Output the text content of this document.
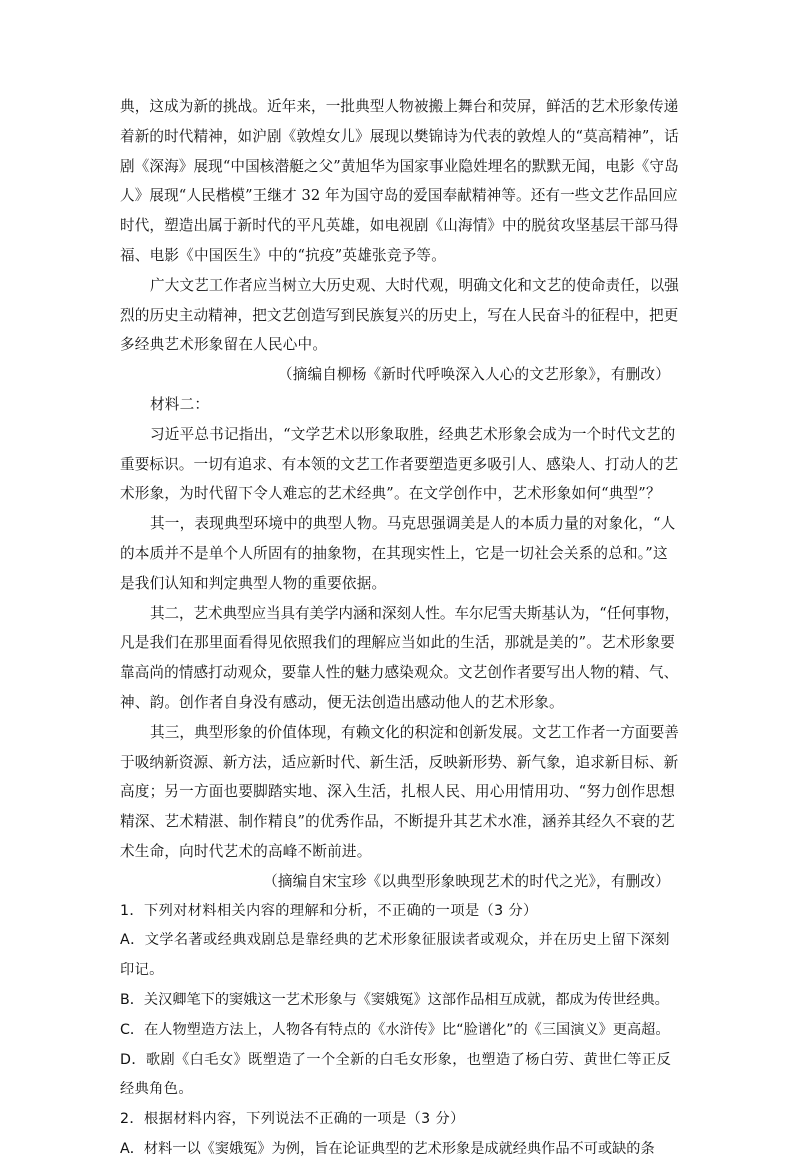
典，这成为新的挑战。近年来，一批典型人物被搬上舞台和荧屏，鲜活的艺术形象传递
着新的时代精神，如沪剧《敦煌女儿》展现以樊锦诗为代表的敦煌人的“莫高精神”，话
剧《深海》展现“中国核潜艇之父”黄旭华为国家事业隐姓埋名的默默无闻，电影《守岛
人》展现“人民楷模”王继才 32 年为国守岛的爱国奉献精神等。还有一些文艺作品回应
时代，塑造出属于新时代的平凡英雄，如电视剧《山海情》中的脱贫攻坚基层干部马得
福、电影《中国医生》中的“抗疫”英雄张竞予等。
广大文艺工作者应当树立大历史观、大时代观，明确文化和文艺的使命责任，以强
烈的历史主动精神，把文艺创造写到民族复兴的历史上，写在人民奋斗的征程中，把更
多经典艺术形象留在人民心中。
（摘编自柳杨《新时代呼唤深入人心的文艺形象》，有删改）
材料二：
习近平总书记指出，“文学艺术以形象取胜，经典艺术形象会成为一个时代文艺的
重要标识。一切有追求、有本领的文艺工作者要塑造更多吸引人、感染人、打动人的艺
术形象，为时代留下令人难忘的艺术经典”。在文学创作中，艺术形象如何“典型”？
其一，表现典型环境中的典型人物。马克思强调美是人的本质力量的对象化，“人
的本质并不是单个人所固有的抽象物，在其现实性上，它是一切社会关系的总和。”这
是我们认知和判定典型人物的重要依据。
其二，艺术典型应当具有美学内涵和深刻人性。车尔尼雪夫斯基认为，“任何事物，
凡是我们在那里面看得见依照我们的理解应当如此的生活，那就是美的”。艺术形象要
靠高尚的情感打动观众，要靠人性的魅力感染观众。文艺创作者要写出人物的精、气、
神、韵。创作者自身没有感动，便无法创造出感动他人的艺术形象。
其三，典型形象的价值体现，有赖文化的积淀和创新发展。文艺工作者一方面要善
于吸纳新资源、新方法，适应新时代、新生活，反映新形势、新气象，追求新目标、新
高度；另一方面也要脚踏实地、深入生活，扎根人民、用心用情用功、“努力创作思想
精深、艺术精湛、制作精良”的优秀作品，不断提升其艺术水准，涵养其经久不衰的艺
术生命，向时代艺术的高峰不断前进。
（摘编自宋宝珍《以典型形象映现艺术的时代之光》，有删改）
1．下列对材料相关内容的理解和分析，不正确的一项是（3 分）
A．文学名著或经典戏剧总是靠经典的艺术形象征服读者或观众，并在历史上留下深刻
印记。
B．关汉卿笔下的窦娥这一艺术形象与《窦娥冤》这部作品相互成就，都成为传世经典。
C．在人物塑造方法上，人物各有特点的《水浒传》比“脸谱化”的《三国演义》更高超。
D．歌剧《白毛女》既塑造了一个全新的白毛女形象，也塑造了杨白劳、黄世仁等正反
经典角色。
2．根据材料内容，下列说法不正确的一项是（3 分）
A．材料一以《窦娥冤》为例，旨在论证典型的艺术形象是成就经典作品不可或缺的条
